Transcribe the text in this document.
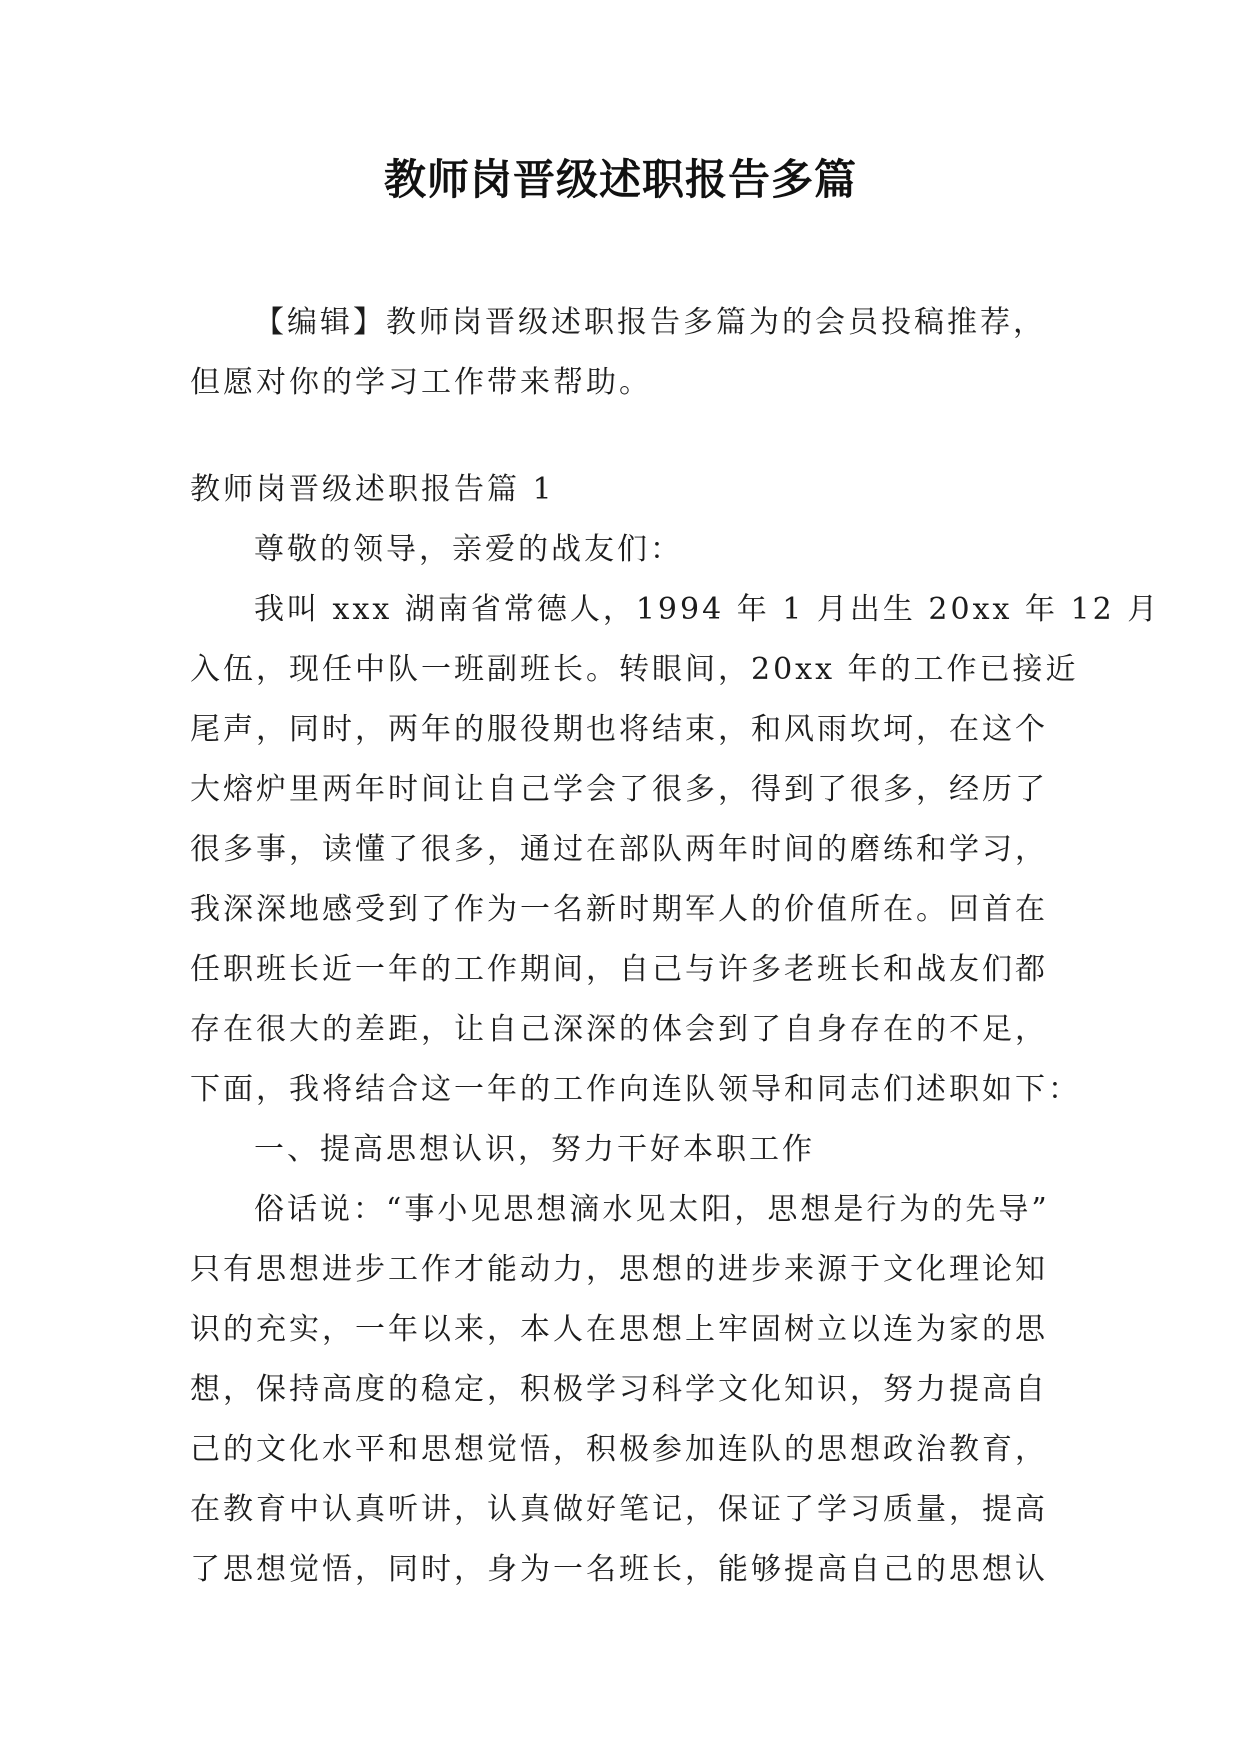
教师岗晋级述职报告多篇

【编辑】教师岗晋级述职报告多篇为的会员投稿推荐，

但愿对你的学习工作带来帮助。

教师岗晋级述职报告篇 1

尊敬的领导，亲爱的战友们：

我叫 xxx 湖南省常德人，1994 年 1 月出生 20xx 年 12 月

入伍，现任中队一班副班长。转眼间，20xx 年的工作已接近

尾声，同时，两年的服役期也将结束，和风雨坎坷，在这个

大熔炉里两年时间让自己学会了很多，得到了很多，经历了

很多事，读懂了很多，通过在部队两年时间的磨练和学习，

我深深地感受到了作为一名新时期军人的价值所在。回首在

任职班长近一年的工作期间，自己与许多老班长和战友们都

存在很大的差距，让自己深深的体会到了自身存在的不足，

下面，我将结合这一年的工作向连队领导和同志们述职如下：

一、提高思想认识，努力干好本职工作

俗话说：“事小见思想滴水见太阳，思想是行为的先导”

只有思想进步工作才能动力，思想的进步来源于文化理论知

识的充实，一年以来，本人在思想上牢固树立以连为家的思

想，保持高度的稳定，积极学习科学文化知识，努力提高自

己的文化水平和思想觉悟，积极参加连队的思想政治教育，

在教育中认真听讲，认真做好笔记，保证了学习质量，提高

了思想觉悟，同时，身为一名班长，能够提高自己的思想认
